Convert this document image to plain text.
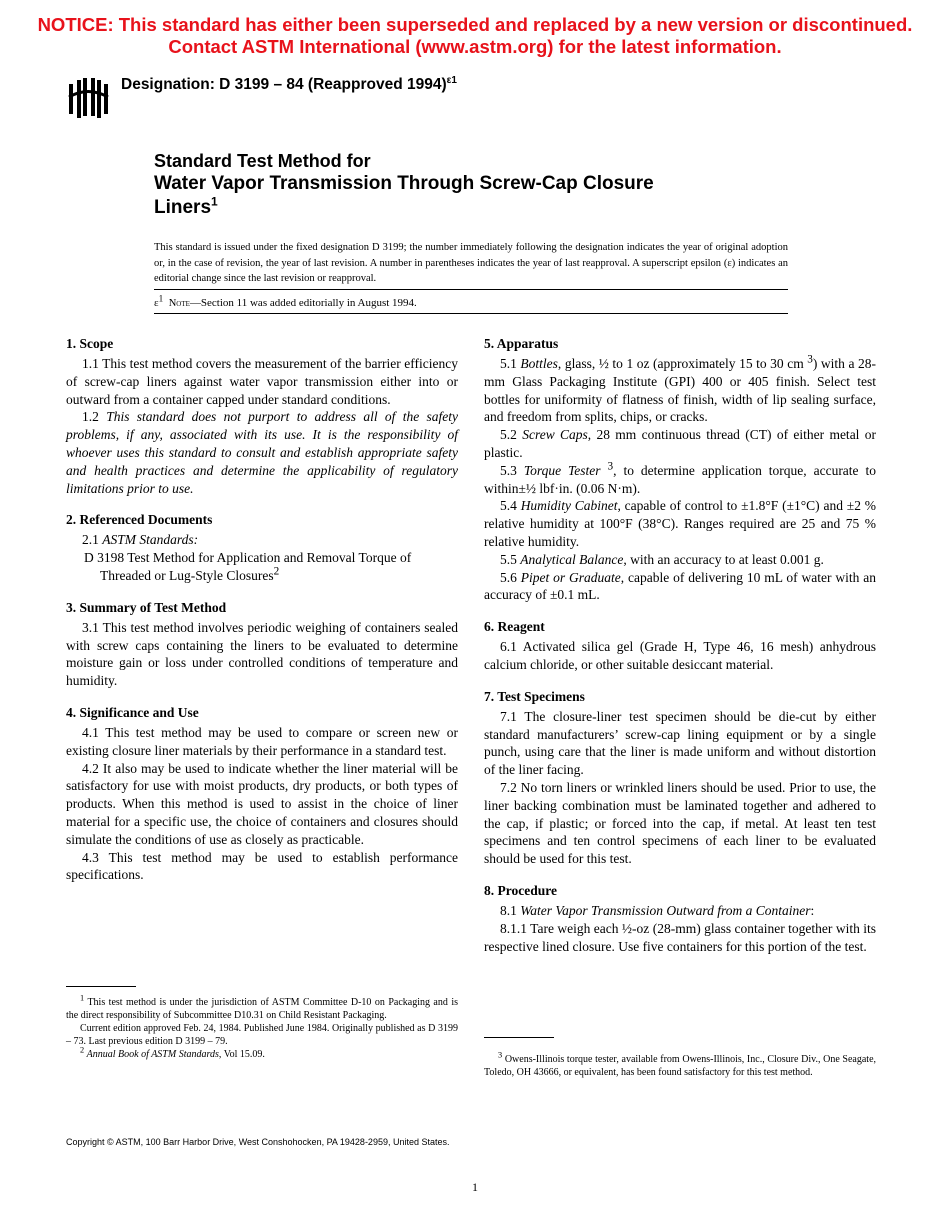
NOTICE: This standard has either been superseded and replaced by a new version or discontinued.
Contact ASTM International (www.astm.org) for the latest information.
Designation: D 3199 – 84 (Reapproved 1994)$^{\varepsilon 1}$
Standard Test Method for
Water Vapor Transmission Through Screw-Cap Closure
Liners$^1$
This standard is issued under the fixed designation D 3199; the number immediately following the designation indicates the year of original adoption or, in the case of revision, the year of last revision. A number in parentheses indicates the year of last reapproval. A superscript epsilon (ε) indicates an editorial change since the last revision or reapproval.
$\varepsilon^1$ Note—Section 11 was added editorially in August 1994.
1. Scope

1.1 This test method covers the measurement of the barrier efficiency of screw-cap liners against water vapor transmission either into or outward from a container capped under standard conditions.

1.2 This standard does not purport to address all of the safety problems, if any, associated with its use. It is the responsibility of whoever uses this standard to consult and establish appropriate safety and health practices and determine the applicability of regulatory limitations prior to use.

2. Referenced Documents

2.1 ASTM Standards:

D 3198 Test Method for Application and Removal Torque of Threaded or Lug-Style Closures$^2$

3. Summary of Test Method

3.1 This test method involves periodic weighing of containers sealed with screw caps containing the liners to be evaluated to determine moisture gain or loss under controlled conditions of temperature and humidity.

4. Significance and Use

4.1 This test method may be used to compare or screen new or existing closure liner materials by their performance in a standard test.

4.2 It also may be used to indicate whether the liner material will be satisfactory for use with moist products, dry products, or both types of products. When this method is used to assist in the choice of liner material for a specific use, the choice of containers and closures should simulate the conditions of use as closely as practicable.

4.3 This test method may be used to establish performance specifications.

5. Apparatus

5.1 Bottles, glass, ½ to 1 oz (approximately 15 to 30 cm $^3$) with a 28-mm Glass Packaging Institute (GPI) 400 or 405 finish. Select test bottles for uniformity of flatness of finish, width of lip sealing surface, and freedom from splits, chips, or cracks.

5.2 Screw Caps, 28 mm continuous thread (CT) of either metal or plastic.

5.3 Torque Tester $^3$, to determine application torque, accurate to within±½ lbf·in. (0.06 N·m).

5.4 Humidity Cabinet, capable of control to ±1.8°F (±1°C) and ±2 % relative humidity at 100°F (38°C). Ranges required are 25 and 75 % relative humidity.

5.5 Analytical Balance, with an accuracy to at least 0.001 g.

5.6 Pipet or Graduate, capable of delivering 10 mL of water with an accuracy of ±0.1 mL.

6. Reagent

6.1 Activated silica gel (Grade H, Type 46, 16 mesh) anhydrous calcium chloride, or other suitable desiccant material.

7. Test Specimens

7.1 The closure-liner test specimen should be die-cut by either standard manufacturers’ screw-cap lining equipment or by a single punch, using care that the liner is made uniform and without distortion of the liner facing.

7.2 No torn liners or wrinkled liners should be used. Prior to use, the liner backing combination must be laminated together and adhered to the cap, if plastic; or forced into the cap, if metal. At least ten test specimens and ten control specimens of each liner to be evaluated should be used for this test.

8. Procedure

8.1 Water Vapor Transmission Outward from a Container:

8.1.1 Tare weigh each ½-oz (28-mm) glass container together with its respective lined closure. Use five containers for this portion of the test.

$^1$ This test method is under the jurisdiction of ASTM Committee D-10 on Packaging and is the direct responsibility of Subcommittee D10.31 on Child Resistant Packaging.

Current edition approved Feb. 24, 1984. Published June 1984. Originally published as D 3199 – 73. Last previous edition D 3199 – 79.

$^2$ Annual Book of ASTM Standards, Vol 15.09.	$^3$ Owens-Illinois torque tester, available from Owens-Illinois, Inc., Closure Div., One Seagate, Toledo, OH 43666, or equivalent, has been found satisfactory for this test method.

Copyright © ASTM, 100 Barr Harbor Drive, West Conshohocken, PA 19428-2959, United States.
1
